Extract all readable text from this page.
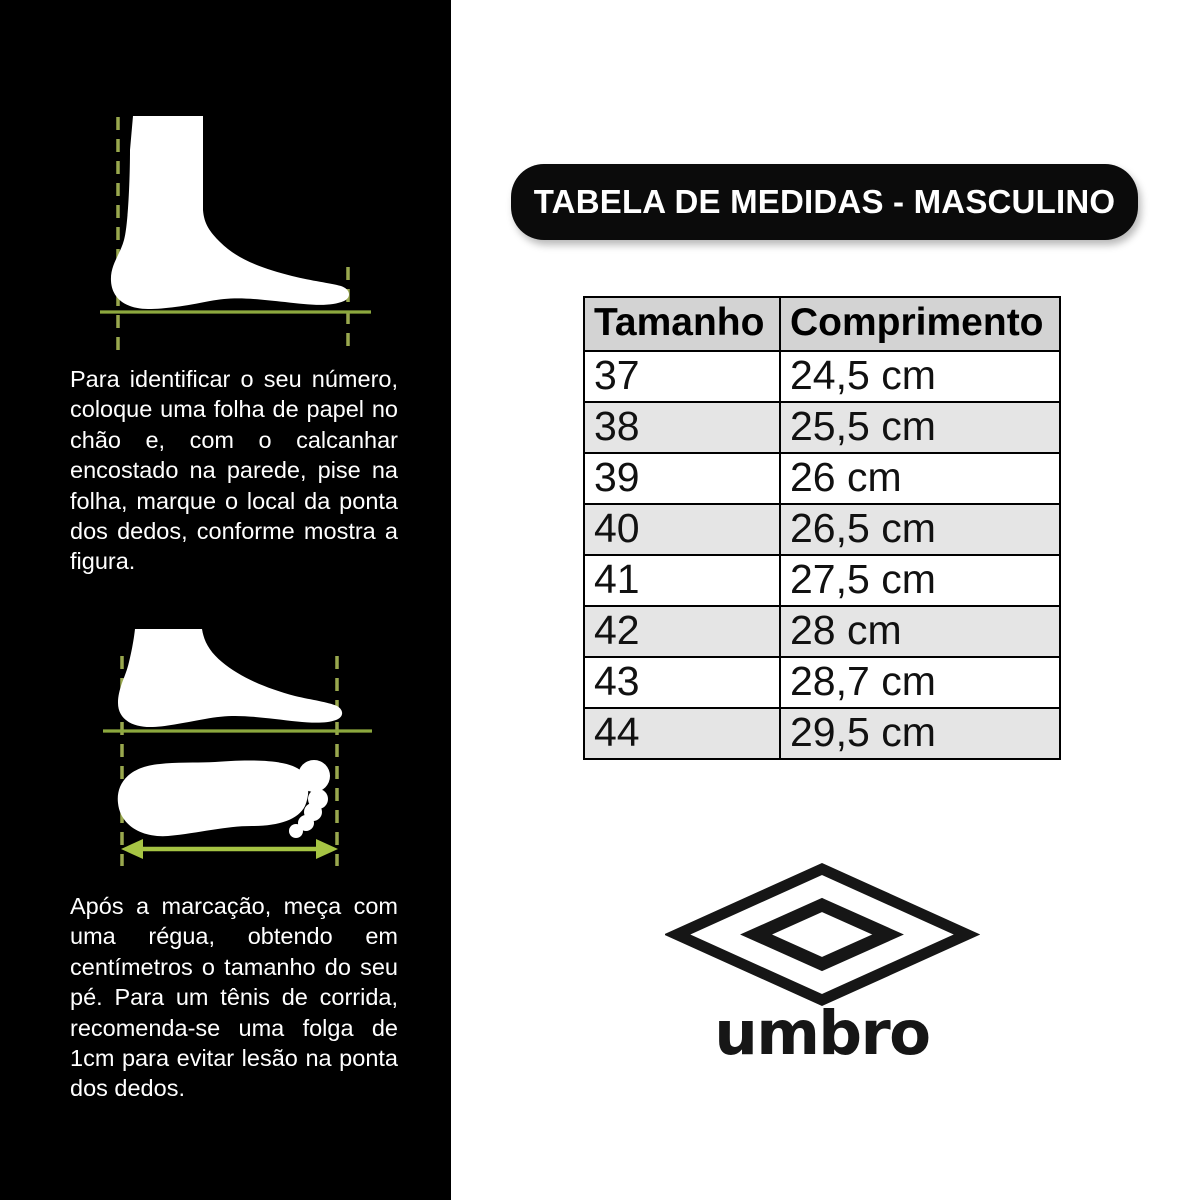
Para identificar o seu número, coloque uma folha de papel no chão e, com o calcanhar encostado na parede, pise na folha, marque o local da ponta dos dedos, conforme mostra a figura.

Após a marcação, meça com uma régua, obtendo em centímetros o tamanho do seu pé. Para um tênis de corrida, recomenda-se uma folga de 1cm para evitar lesão na ponta dos dedos.

TABELA DE MEDIDAS - MASCULINO
Tamanho	Comprimento
37	24,5 cm
38	25,5 cm
39	26 cm
40	26,5 cm
41	27,5 cm
42	28 cm
43	28,7 cm
44	29,5 cm
umbro
